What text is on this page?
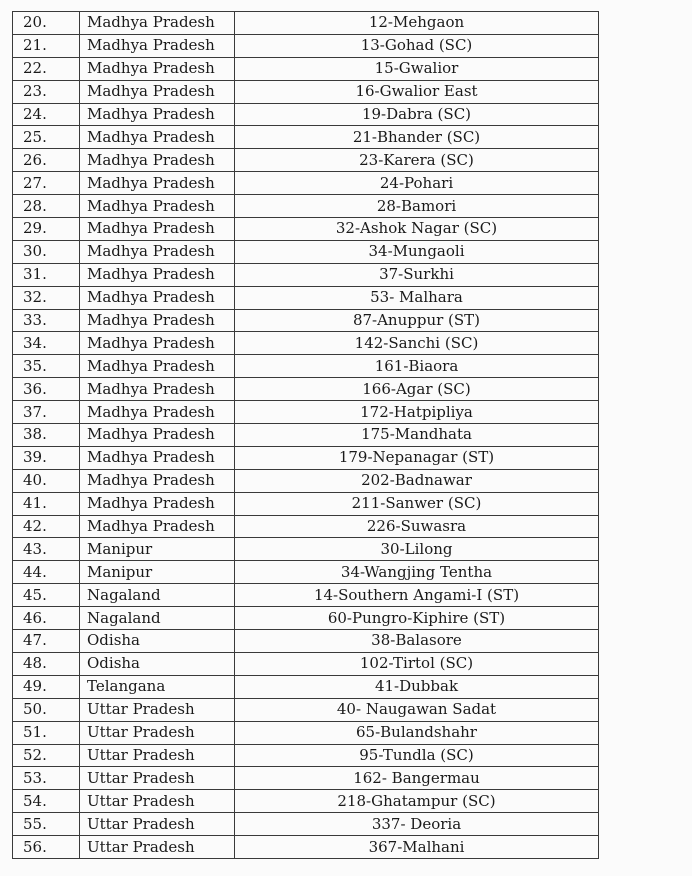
20.	Madhya Pradesh	12-Mehgaon
21.	Madhya Pradesh	13-Gohad (SC)
22.	Madhya Pradesh	15-Gwalior
23.	Madhya Pradesh	16-Gwalior East
24.	Madhya Pradesh	19-Dabra (SC)
25.	Madhya Pradesh	21-Bhander (SC)
26.	Madhya Pradesh	23-Karera (SC)
27.	Madhya Pradesh	24-Pohari
28.	Madhya Pradesh	28-Bamori
29.	Madhya Pradesh	32-Ashok Nagar (SC)
30.	Madhya Pradesh	34-Mungaoli
31.	Madhya Pradesh	37-Surkhi
32.	Madhya Pradesh	53- Malhara
33.	Madhya Pradesh	87-Anuppur (ST)
34.	Madhya Pradesh	142-Sanchi (SC)
35.	Madhya Pradesh	161-Biaora
36.	Madhya Pradesh	166-Agar (SC)
37.	Madhya Pradesh	172-Hatpipliya
38.	Madhya Pradesh	175-Mandhata
39.	Madhya Pradesh	179-Nepanagar (ST)
40.	Madhya Pradesh	202-Badnawar
41.	Madhya Pradesh	211-Sanwer (SC)
42.	Madhya Pradesh	226-Suwasra
43.	Manipur	30-Lilong
44.	Manipur	34-Wangjing Tentha
45.	Nagaland	14-Southern Angami-I (ST)
46.	Nagaland	60-Pungro-Kiphire (ST)
47.	Odisha	38-Balasore
48.	Odisha	102-Tirtol (SC)
49.	Telangana	41-Dubbak
50.	Uttar Pradesh	40- Naugawan Sadat
51.	Uttar Pradesh	65-Bulandshahr
52.	Uttar Pradesh	95-Tundla (SC)
53.	Uttar Pradesh	162- Bangermau
54.	Uttar Pradesh	218-Ghatampur (SC)
55.	Uttar Pradesh	337- Deoria
56.	Uttar Pradesh	367-Malhani
